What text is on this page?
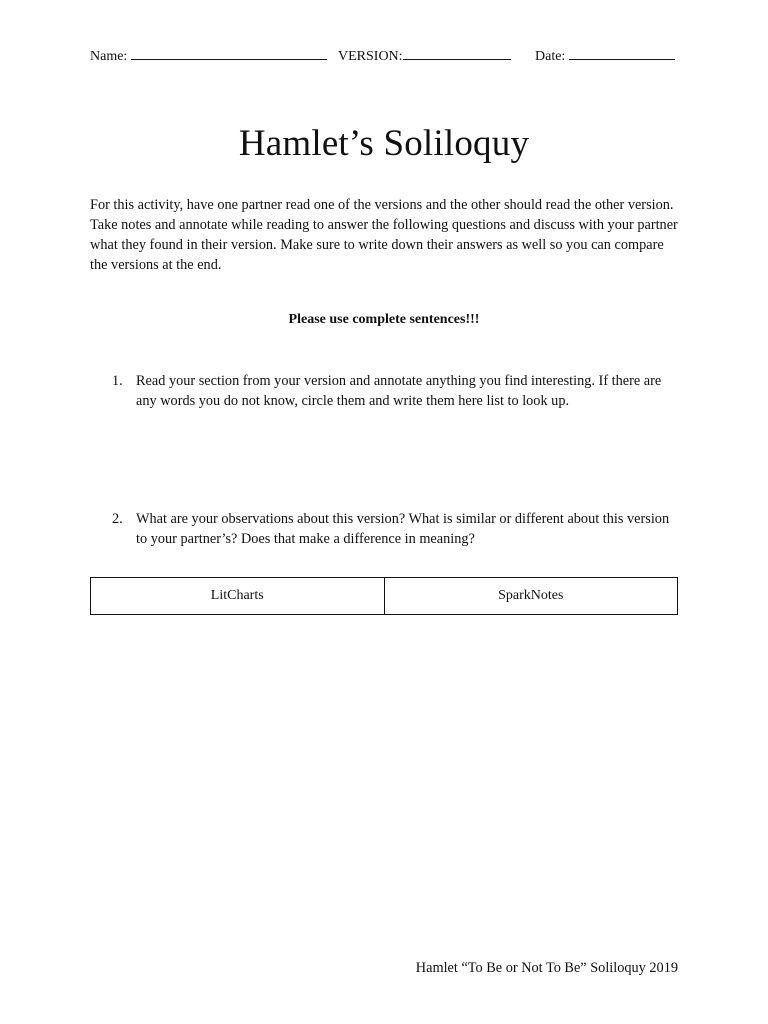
Name:	VERSION:	Date:
Hamlet’s Soliloquy
For this activity, have one partner read one of the versions and the other should read the other version. Take notes and annotate while reading to answer the following questions and discuss with your partner what they found in their version. Make sure to write down their answers as well so you can compare the versions at the end.
Please use complete sentences!!!
1. Read your section from your version and annotate anything you find interesting. If there are any words you do not know, circle them and write them here list to look up.
2. What are your observations about this version? What is similar or different about this version to your partner’s? Does that make a difference in meaning?
LitCharts	SparkNotes
Hamlet “To Be or Not To Be” Soliloquy 2019
